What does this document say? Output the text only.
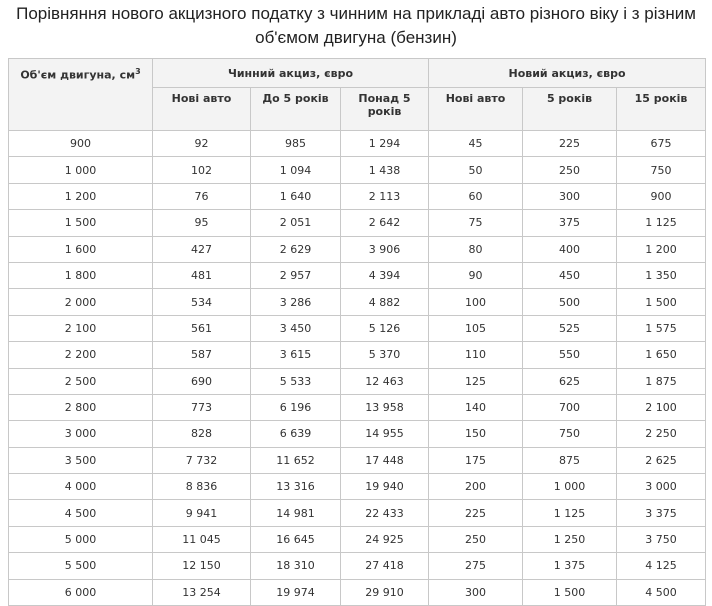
Порівняння нового акцизного податку з чинним на прикладі авто різного віку і з різним об'ємом двигуна (бензин)
Об'єм двигуна, $см^3$	Чинний акциз, євро			Новий акциз, євро		
	Нові авто	До 5 років	Понад 5 років	Нові авто	5 років	15 років
900	92	985	1 294	45	225	675
1 000	102	1 094	1 438	50	250	750
1 200	76	1 640	2 113	60	300	900
1 500	95	2 051	2 642	75	375	1 125
1 600	427	2 629	3 906	80	400	1 200
1 800	481	2 957	4 394	90	450	1 350
2 000	534	3 286	4 882	100	500	1 500
2 100	561	3 450	5 126	105	525	1 575
2 200	587	3 615	5 370	110	550	1 650
2 500	690	5 533	12 463	125	625	1 875
2 800	773	6 196	13 958	140	700	2 100
3 000	828	6 639	14 955	150	750	2 250
3 500	7 732	11 652	17 448	175	875	2 625
4 000	8 836	13 316	19 940	200	1 000	3 000
4 500	9 941	14 981	22 433	225	1 125	3 375
5 000	11 045	16 645	24 925	250	1 250	3 750
5 500	12 150	18 310	27 418	275	1 375	4 125
6 000	13 254	19 974	29 910	300	1 500	4 500
